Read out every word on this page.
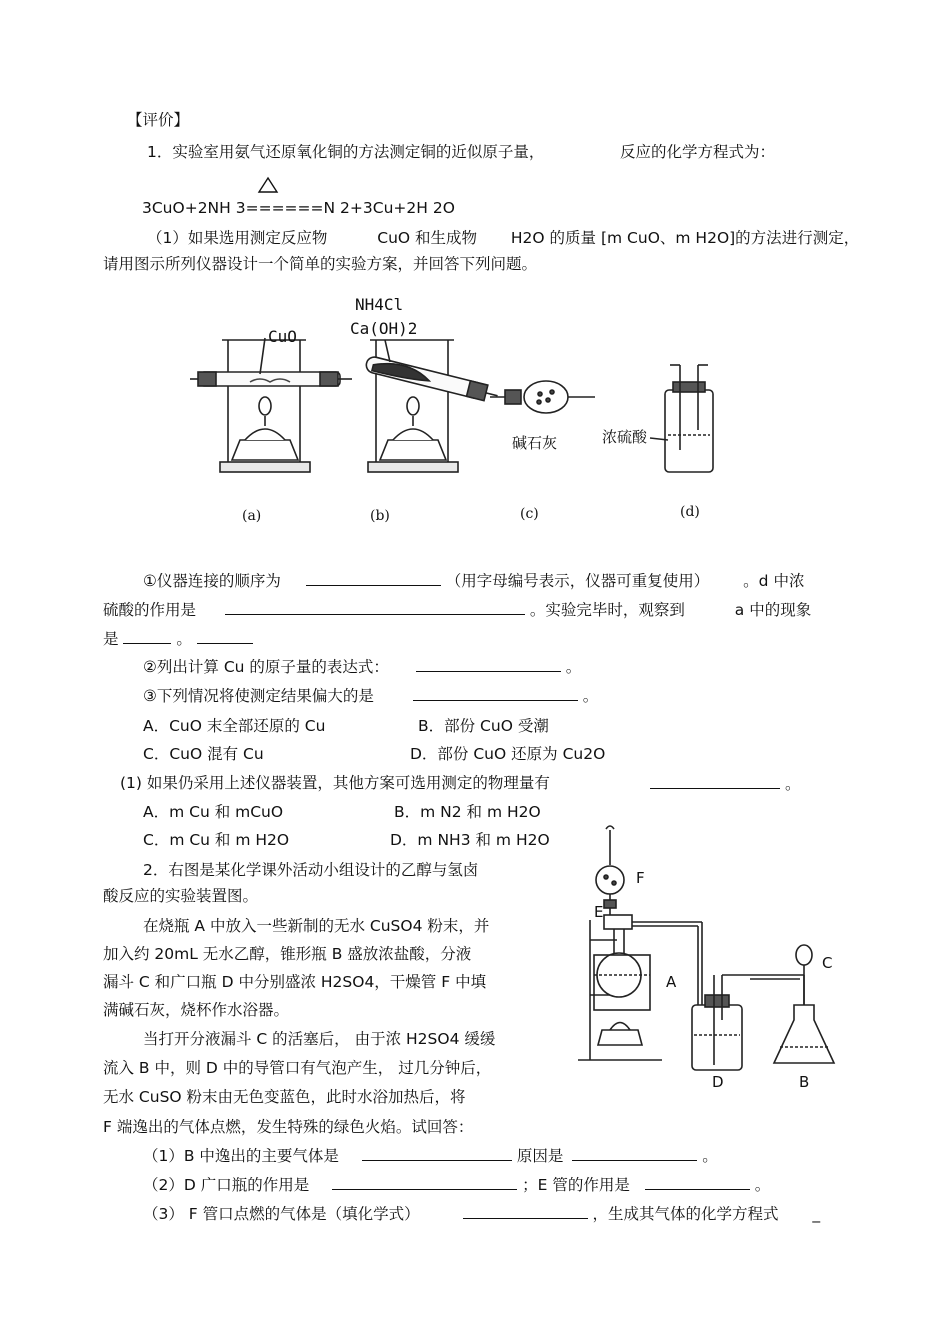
【评价】
1．实验室用氨气还原氧化铜的方法测定铜的近似原子量，	反应的化学方程式为：
3CuO+2NH 3======N 2+3Cu+2H 2O
（1）如果选用测定反应物	CuO 和生成物 H2O 的质量 [m CuO、m H2O]的方法进行测定，
请用图示所列仪器设计一个简单的实验方案，并回答下列问题。
CuO
NH4Cl
Ca(OH)2
碱石灰	浓硫酸
(a)	(b)	(c)	(d)
①仪器连接的顺序为	（用字母编号表示，仪器可重复使用） 。d 中浓
硫酸的作用是	。实验完毕时，观察到	a 中的现象
是	。
②列出计算 Cu 的原子量的表达式：	。
③下列情况将使测定结果偏大的是	。
A．CuO 末全部还原的 Cu	B．部份 CuO 受潮
C．CuO 混有 Cu	D．部份 CuO 还原为 Cu2O
(1) 如果仍采用上述仪器装置，其他方案可选用测定的物理量有	。
A．m Cu 和 mCuO	B．m N2 和 m H2O
C．m Cu 和 m H2O	D．m NH3 和 m H2O
2．右图是某化学课外活动小组设计的乙醇与氢卤
酸反应的实验装置图。
在烧瓶 A 中放入一些新制的无水 CuSO4 粉末，并
加入约 20mL 无水乙醇，锥形瓶 B 盛放浓盐酸，分液
漏斗 C 和广口瓶 D 中分别盛浓 H2SO4，干燥管 F 中填
满碱石灰，烧杯作水浴器。
当打开分液漏斗 C 的活塞后， 由于浓 H2SO4 缓缓
流入 B 中，则 D 中的导管口有气泡产生， 过几分钟后，
无水 CuSO 粉末由无色变蓝色，此时水浴加热后，将
F 端逸出的气体点燃，发生特殊的绿色火焰。试回答：
F
E
A
C
D	B
（1）B 中逸出的主要气体是	原因是	。
（2）D 广口瓶的作用是	；E 管的作用是	。
（3） F 管口点燃的气体是（填化学式）	，生成其气体的化学方程式 _
